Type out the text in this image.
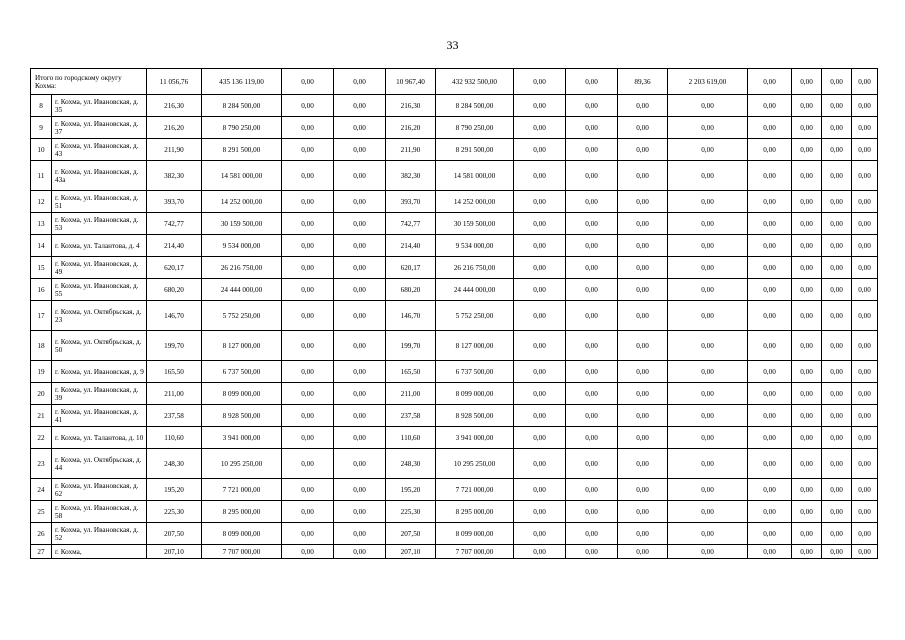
33
Итого по городскому округу Кохма:		11 056,76	435 136 119,00	0,00	0,00	10 967,40	432 932 500,00	0,00	0,00	89,36	2 203 619,00	0,00	0,00	0,00	0,00
8	г. Кохма, ул. Ивановская, д. 35	216,30	8 284 500,00	0,00	0,00	216,30	8 284 500,00	0,00	0,00	0,00	0,00	0,00	0,00	0,00	0,00
9	г. Кохма, ул. Ивановская, д. 37	216,20	8 790 250,00	0,00	0,00	216,20	8 790 250,00	0,00	0,00	0,00	0,00	0,00	0,00	0,00	0,00
10	г. Кохма, ул. Ивановская, д. 43	211,90	8 291 500,00	0,00	0,00	211,90	8 291 500,00	0,00	0,00	0,00	0,00	0,00	0,00	0,00	0,00
11	г. Кохма, ул. Ивановская, д. 43а	382,30	14 581 000,00	0,00	0,00	382,30	14 581 000,00	0,00	0,00	0,00	0,00	0,00	0,00	0,00	0,00
12	г. Кохма, ул. Ивановская, д. 51	393,70	14 252 000,00	0,00	0,00	393,70	14 252 000,00	0,00	0,00	0,00	0,00	0,00	0,00	0,00	0,00
13	г. Кохма, ул. Ивановская, д. 53	742,77	30 159 500,00	0,00	0,00	742,77	30 159 500,00	0,00	0,00	0,00	0,00	0,00	0,00	0,00	0,00
14	г. Кохма, ул. Талантова, д. 4	214,40	9 534 000,00	0,00	0,00	214,40	9 534 000,00	0,00	0,00	0,00	0,00	0,00	0,00	0,00	0,00
15	г. Кохма, ул. Ивановская, д. 49	620,17	26 216 750,00	0,00	0,00	620,17	26 216 750,00	0,00	0,00	0,00	0,00	0,00	0,00	0,00	0,00
16	г. Кохма, ул. Ивановская, д. 55	680,20	24 444 000,00	0,00	0,00	680,20	24 444 000,00	0,00	0,00	0,00	0,00	0,00	0,00	0,00	0,00
17	г. Кохма, ул. Октябрьская, д. 23	146,70	5 752 250,00	0,00	0,00	146,70	5 752 250,00	0,00	0,00	0,00	0,00	0,00	0,00	0,00	0,00
18	г. Кохма, ул. Октябрьская, д. 50	199,70	8 127 000,00	0,00	0,00	199,70	8 127 000,00	0,00	0,00	0,00	0,00	0,00	0,00	0,00	0,00
19	г. Кохма, ул. Ивановская, д. 9	165,50	6 737 500,00	0,00	0,00	165,50	6 737 500,00	0,00	0,00	0,00	0,00	0,00	0,00	0,00	0,00
20	г. Кохма, ул. Ивановская, д. 39	211,00	8 099 000,00	0,00	0,00	211,00	8 099 000,00	0,00	0,00	0,00	0,00	0,00	0,00	0,00	0,00
21	г. Кохма, ул. Ивановская, д. 41	237,58	8 928 500,00	0,00	0,00	237,58	8 928 500,00	0,00	0,00	0,00	0,00	0,00	0,00	0,00	0,00
22	г. Кохма, ул. Талантова, д. 10	110,60	3 941 000,00	0,00	0,00	110,60	3 941 000,00	0,00	0,00	0,00	0,00	0,00	0,00	0,00	0,00
23	г. Кохма, ул. Октябрьская, д. 44	248,30	10 295 250,00	0,00	0,00	248,30	10 295 250,00	0,00	0,00	0,00	0,00	0,00	0,00	0,00	0,00
24	г. Кохма, ул. Ивановская, д. 62	195,20	7 721 000,00	0,00	0,00	195,20	7 721 000,00	0,00	0,00	0,00	0,00	0,00	0,00	0,00	0,00
25	г. Кохма, ул. Ивановская, д. 58	225,30	8 295 000,00	0,00	0,00	225,30	8 295 000,00	0,00	0,00	0,00	0,00	0,00	0,00	0,00	0,00
26	г. Кохма, ул. Ивановская, д. 52	207,50	8 099 000,00	0,00	0,00	207,50	8 099 000,00	0,00	0,00	0,00	0,00	0,00	0,00	0,00	0,00
27	г. Кохма,	207,10	7 707 000,00	0,00	0,00	207,10	7 707 000,00	0,00	0,00	0,00	0,00	0,00	0,00	0,00	0,00
